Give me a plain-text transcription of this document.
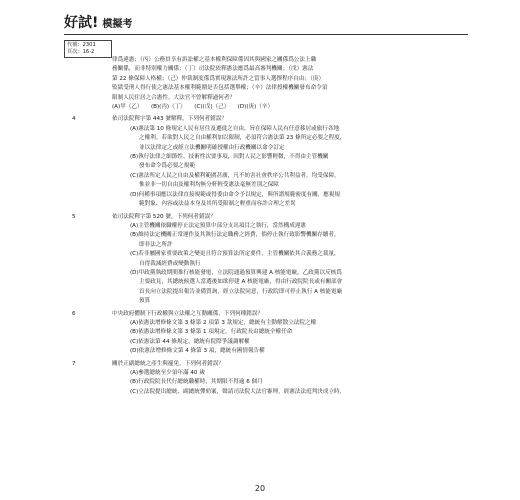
好試! 模擬考
代號：2301
頁次：16-2
律爲違憲；（丙）公務員享有訴訟權之基本權利保障係因其與國家之關係爲公法上職
務關係，而非特別權力關係；（丁）司法院依釋憲法應爲最高審判機關；（戊）憲法
第 22 條保障人格權；（己）仲裁制度係爲實現憲法所許之當事人選擇程序自由；（庚）
監獄受刑人得行使之憲法基本權利範圍是否包括選舉權；（辛）法律授權機關發布命令須
限制人民住居之合憲性。大法官不曾解釋過何者？
(A)甲（乙）　　(B)(丙)（丁）　　(C)(戊)（己）　　(D)(庚)（辛）
4	依司法院釋字第 443 號解釋，下列何者錯誤？
(A)憲法第 10 條規定人民有居住及遷徙之自由，旨在保障人民有任意移居或旅行各地
之權利。若欲對人民之自由權利加以限制，必須符合憲法第 23 條所定必要之程度，
並以法律定之或經立法機關明確授權由行政機關以命令訂定
(B)執行法律之細節性、技術性次要事項，因對人民之影響輕微，不得由主管機關
發布命令爲必要之規範
(C)憲法所定人民之自由及權利範圍甚廣，凡不妨害社會秩序公共利益者，均受保障。
惟並非一切自由及權利均無分軒輊受憲法毫無差別之保障
(D)何種事項應以法律直接規範或得委由命令予以規定，與所謂規範密度有關，應視規
範對象、內容或法益本身及其所受限制之輕重而容許合理之差異
5	依司法院釋字第 520 號，下列何者錯誤？
(A)主管機關依職權停止法定預算中部分支出項目之執行，當然構成違憲
(B)維持法定機關正常運作及其執行法定職務之經費，倘停止執行致影響機關存續者，
即非法之所許
(C)若非屬國家重要政策之變更且符合預算法所定要件，主管機關依其合義務之裁量，
自得裁減經費或變動執行
(D)甲政黨執政期間推行核能發電，立法院通過預算興建 A 核能電廠。乙政黨以反核爲
主要政見，其總統候選人當選後如欲停建 A 核能電廠，得由行政院院長或有關部會
首長向立法院提出報告並備質詢，經立法院同意，行政院即可停止執行 A 核能電廠
預算
6	中央政府體制下行政權與立法權之互動關係，下列何種錯誤？
(A)依憲法增修條文第 3 條第 2 項第 3 款規定，總統有主動解散立法院之權
(B)依憲法增修條文第 3 條第 1 項規定，行政院長由總統全權任命
(C)依憲法第 44 條規定，總統有院際爭議調解權
(D)依憲法增修條文第 4 條第 3 項，總統有國情報告權
7	關於正副總統之產生與罷免，下列何者錯誤？
(A)參選總統至少須年滿 40 歲
(B)行政院院長代行總統職權時，其期限不得逾 6 個月
(C)立法院提出總統、副總統彈劾案，聲請司法院大法官審理，經憲法法庭判決成立時，
20
